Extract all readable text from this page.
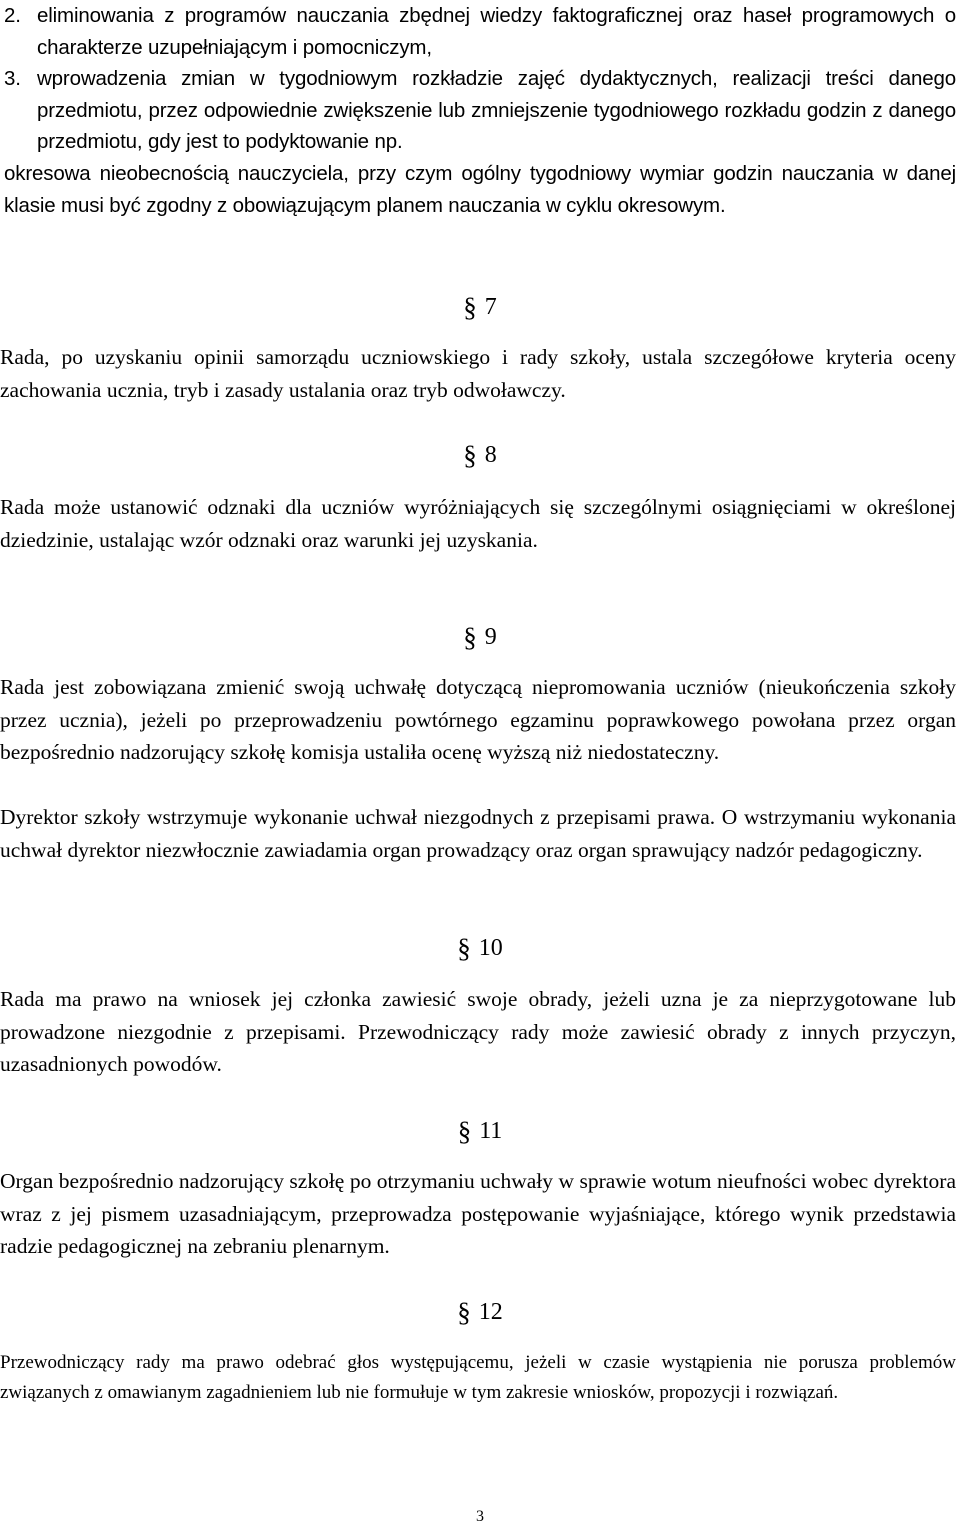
2. eliminowania z programów nauczania zbędnej wiedzy faktograficznej oraz haseł programowych o charakterze uzupełniającym i pomocniczym,
3. wprowadzenia zmian w tygodniowym rozkładzie zajęć dydaktycznych, realizacji treści danego przedmiotu, przez odpowiednie zwiększenie lub zmniejszenie tygodniowego rozkładu godzin z danego przedmiotu, gdy jest to podyktowanie np.
okresowa nieobecnością nauczyciela, przy czym ogólny tygodniowy wymiar godzin nauczania w danej klasie musi być zgodny z obowiązującym planem nauczania w cyklu okresowym.
§ 7
Rada, po uzyskaniu opinii samorządu uczniowskiego i rady szkoły, ustala szczegółowe kryteria oceny zachowania ucznia, tryb i zasady ustalania oraz tryb odwoławczy.
§ 8
Rada może ustanowić odznaki dla uczniów wyróżniających się szczególnymi osiągnięciami w określonej dziedzinie, ustalając wzór odznaki oraz warunki jej uzyskania.
§ 9
Rada jest zobowiązana zmienić swoją uchwałę dotyczącą niepromowania uczniów (nieukończenia szkoły przez ucznia), jeżeli po przeprowadzeniu powtórnego egzaminu poprawkowego powołana przez organ bezpośrednio nadzorujący szkołę komisja ustaliła ocenę wyższą niż niedostateczny.
Dyrektor szkoły wstrzymuje wykonanie uchwał niezgodnych z przepisami prawa. O wstrzymaniu wykonania uchwał dyrektor niezwłocznie zawiadamia organ prowadzący oraz organ sprawujący nadzór pedagogiczny.
§ 10
Rada ma prawo na wniosek jej członka zawiesić swoje obrady, jeżeli uzna je za nieprzygotowane lub prowadzone niezgodnie z przepisami. Przewodniczący rady może zawiesić obrady z innych przyczyn, uzasadnionych powodów.
§ 11
Organ bezpośrednio nadzorujący szkołę po otrzymaniu uchwały w sprawie wotum nieufności wobec dyrektora wraz z jej pismem uzasadniającym, przeprowadza postępowanie wyjaśniające, którego wynik przedstawia radzie pedagogicznej na zebraniu plenarnym.
§ 12
Przewodniczący rady ma prawo odebrać głos występującemu, jeżeli w czasie wystąpienia nie porusza problemów związanych z omawianym zagadnieniem lub nie formułuje w tym zakresie wniosków, propozycji i rozwiązań.
3
